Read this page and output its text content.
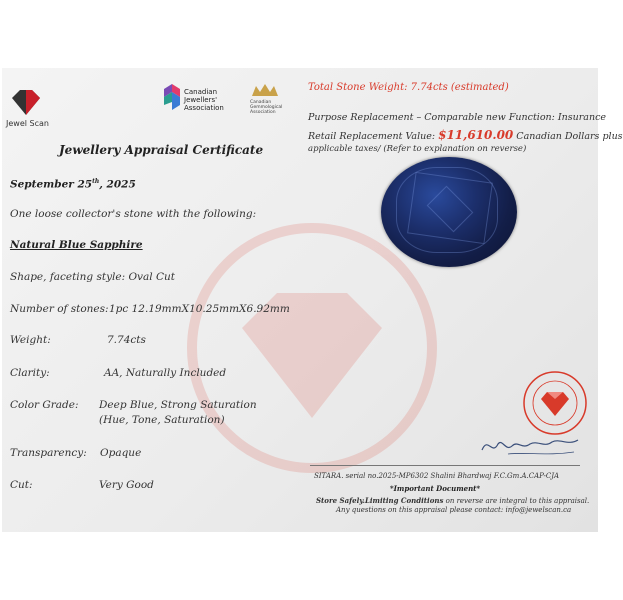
Jewel Scan
Canadian Jewellers' Association
Canadian Gemmological Association
Jewellery Appraisal Certificate
September 25th, 2025
One loose collector's stone with the following:
Natural Blue Sapphire
Shape, faceting style: Oval Cut
Number of stones: 1pc 12.19mmX10.25mmX6.92mm
Weight:	7.74cts
Clarity:	AA, Naturally Included
Color Grade: Deep Blue, Strong Saturation
(Hue, Tone, Saturation)
Transparency: Opaque
Cut:	Very Good
Total Stone Weight: 7.74cts (estimated)
Purpose Replacement – Comparable new Function: Insurance
Retail Replacement Value: $11,610.00 Canadian Dollars plus
applicable taxes/ (Refer to explanation on reverse)
SITARA. serial no.2025-MP6302 Shalini Bhardwaj F.C.Gm.A.CAP-CJA
*Important Document*
Store Safely.Limiting Conditions on reverse are integral to this appraisal.
Any questions on this appraisal please contact: info@jewelscan.ca
